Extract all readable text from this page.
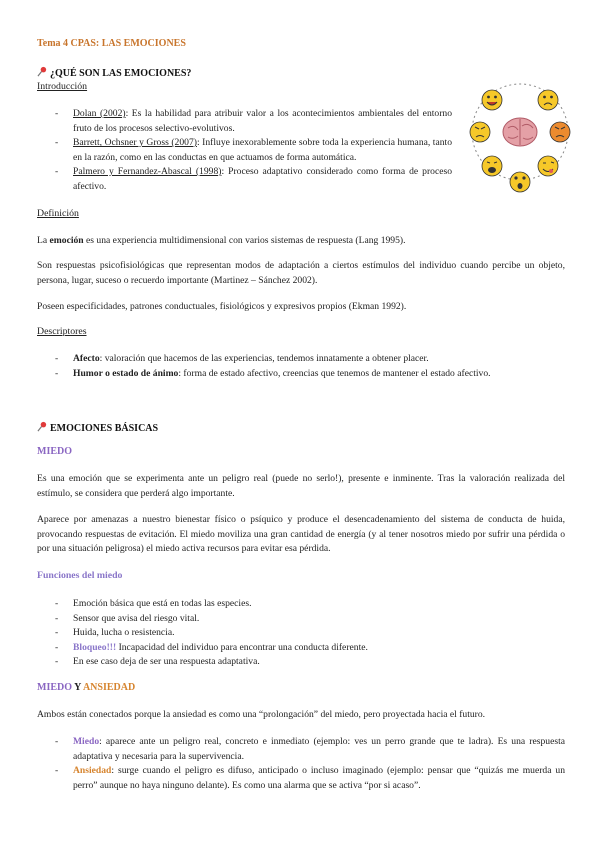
Tema 4 CPAS: LAS EMOCIONES
¿QUÉ SON LAS EMOCIONES?
Introducción
- Dolan (2002): Es la habilidad para atribuir valor a los acontecimientos ambientales del entorno fruto de los procesos selectivo-evolutivos.
- Barrett, Ochsner y Gross (2007): Influye inexorablemente sobre toda la experiencia humana, tanto en la razón, como en las conductas en que actuamos de forma automática.
- Palmero y Fernandez-Abascal (1998): Proceso adaptativo considerado como forma de proceso afectivo.
Definición

La emoción es una experiencia multidimensional con varios sistemas de respuesta (Lang 1995).

Son respuestas psicofisiológicas que representan modos de adaptación a ciertos estímulos del individuo cuando percibe un objeto, persona, lugar, suceso o recuerdo importante (Martinez – Sánchez 2002).

Poseen especificidades, patrones conductuales, fisiológicos y expresivos propios (Ekman 1992).

Descriptores
- Afecto: valoración que hacemos de las experiencias, tendemos innatamente a obtener placer.
- Humor o estado de ánimo: forma de estado afectivo, creencias que tenemos de mantener el estado afectivo.
EMOCIONES BÁSICAS
MIEDO

Es una emoción que se experimenta ante un peligro real (puede no serlo!), presente e inminente. Tras la valoración realizada del estímulo, se considera que perderá algo importante.

Aparece por amenazas a nuestro bienestar físico o psíquico y produce el desencadenamiento del sistema de conducta de huida, provocando respuestas de evitación. El miedo moviliza una gran cantidad de energía (y al tener nosotros miedo por sufrir una pérdida o por una situación peligrosa) el miedo activa recursos para evitar esa pérdida.

Funciones del miedo
- Emoción básica que está en todas las especies.
- Sensor que avisa del riesgo vital.
- Huida, lucha o resistencia.
- Bloqueo!!! Incapacidad del individuo para encontrar una conducta diferente.
- En ese caso deja de ser una respuesta adaptativa.
MIEDO Y ANSIEDAD

Ambos están conectados porque la ansiedad es como una “prolongación” del miedo, pero proyectada hacia el futuro.

- Miedo: aparece ante un peligro real, concreto e inmediato (ejemplo: ves un perro grande que te ladra). Es una respuesta adaptativa y necesaria para la supervivencia.
- Ansiedad: surge cuando el peligro es difuso, anticipado o incluso imaginado (ejemplo: pensar que “quizás me muerda un perro” aunque no haya ninguno delante). Es como una alarma que se activa “por si acaso”.
